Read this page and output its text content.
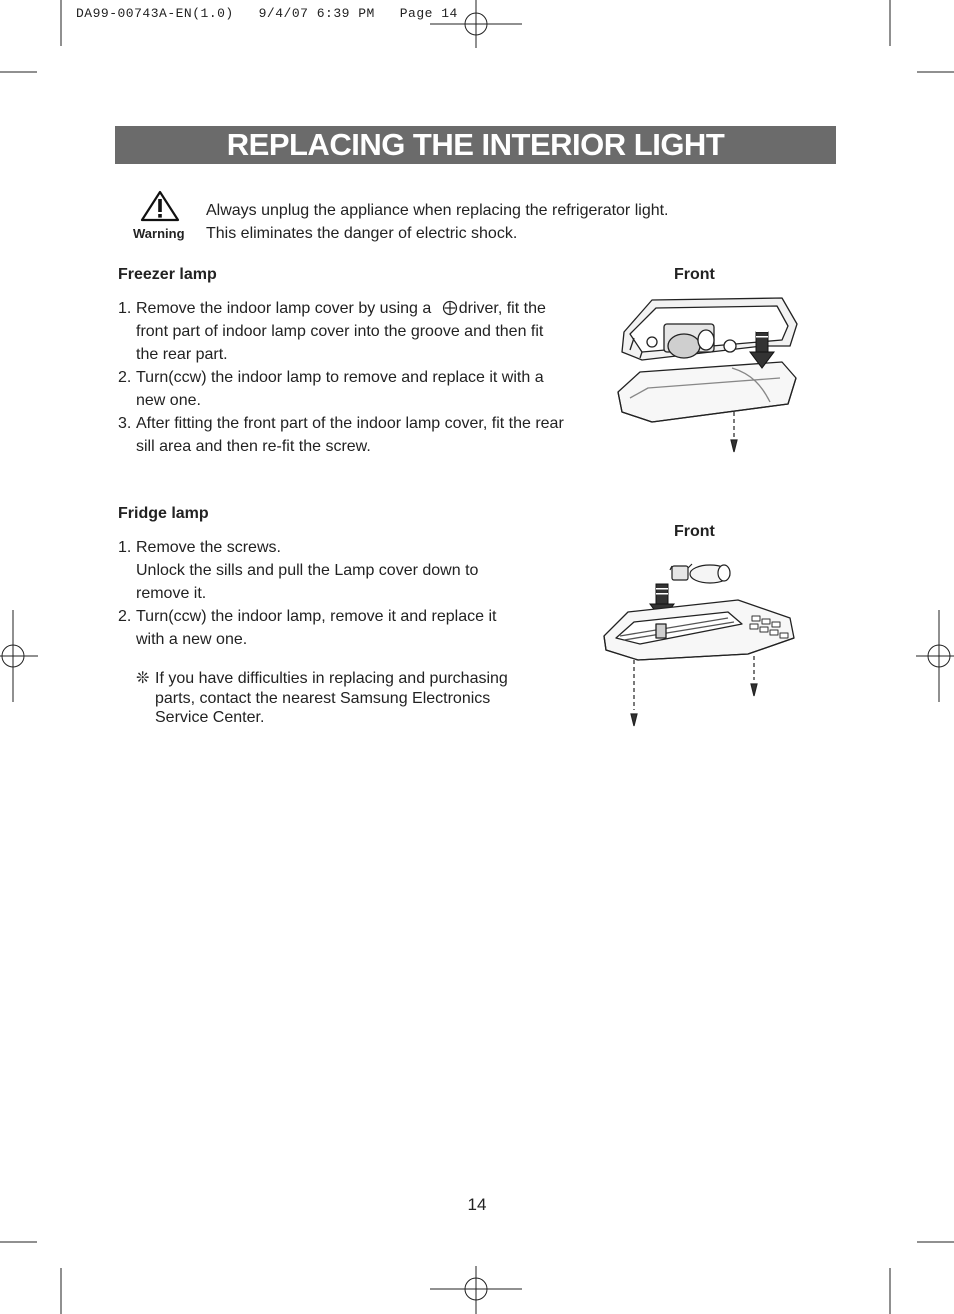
DA99-00743A-EN(1.0)   9/4/07 6:39 PM   Page 14
REPLACING THE INTERIOR LIGHT
Warning
Always unplug the appliance when replacing the refrigerator light.
This eliminates the danger of electric shock.
Freezer lamp	Front
1. Remove the indoor lamp cover by using a driver, fit the front part of indoor lamp cover into the groove and then fit the rear part.
2. Turn(ccw) the indoor lamp to remove and replace it with a new one.
3. After fitting the front part of the indoor lamp cover, fit the rear sill area and then re-fit the screw.
Fridge lamp
Front
1. Remove the screws.
Unlock the sills and pull the Lamp cover down to remove it.
2. Turn(ccw) the indoor lamp, remove it and replace it with a new one.
❊ If you have difficulties in replacing and purchasing parts, contact the nearest Samsung Electronics Service Center.
14
